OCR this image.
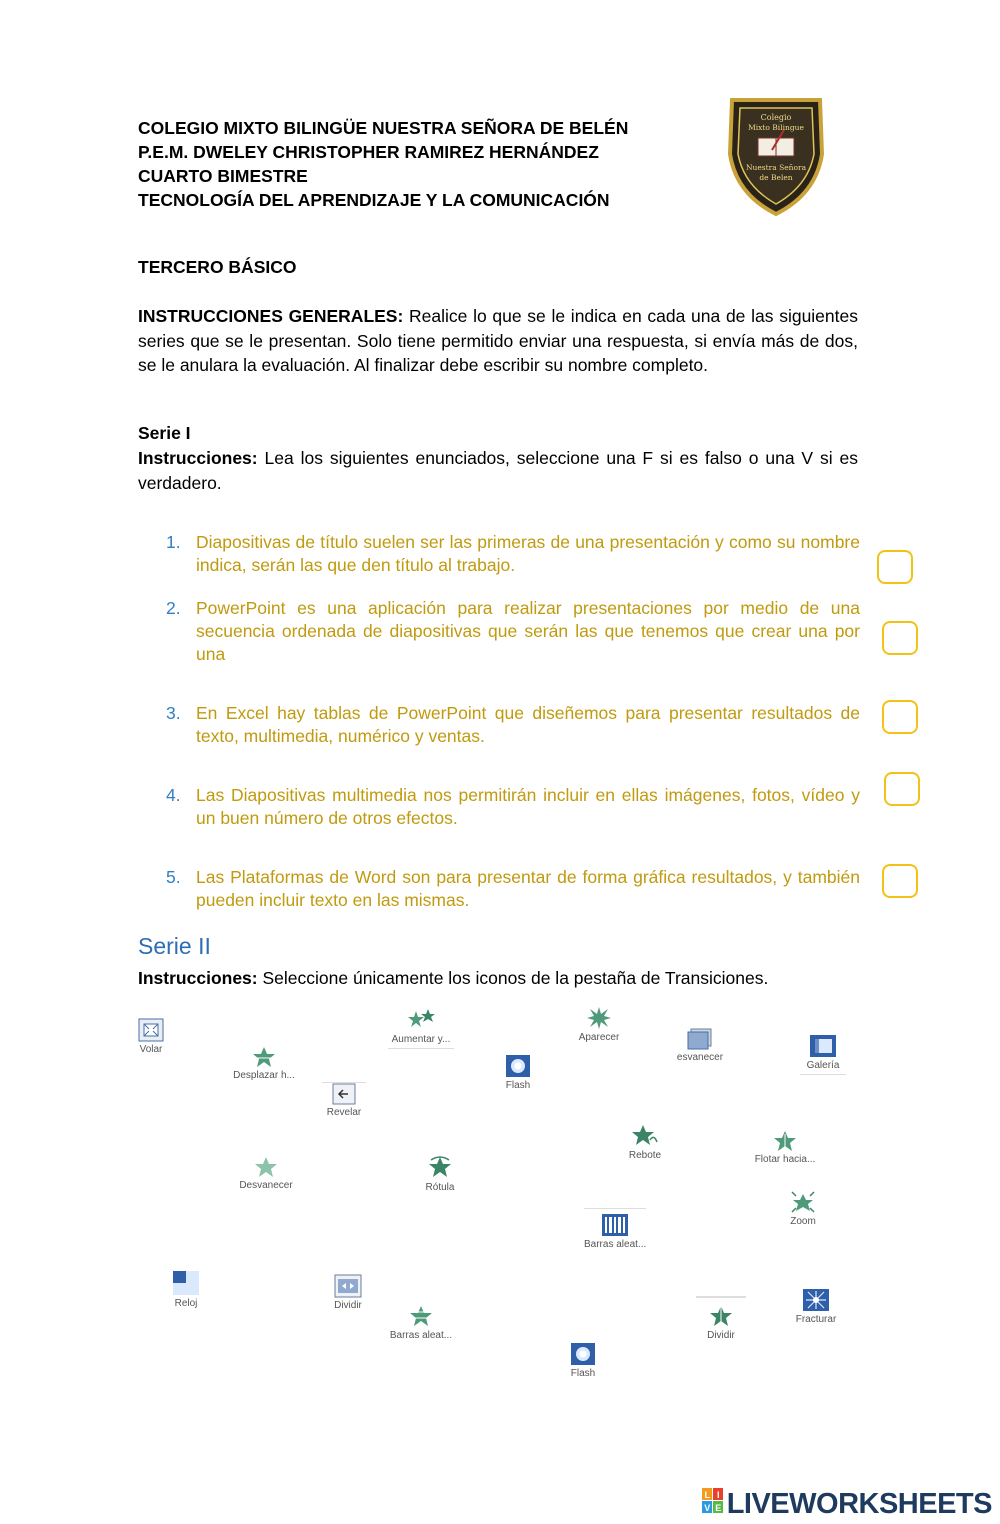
COLEGIO MIXTO BILINGÜE NUESTRA SEÑORA DE BELÉN
P.E.M. DWELEY CHRISTOPHER RAMIREZ HERNÁNDEZ
CUARTO BIMESTRE
TECNOLOGÍA DEL APRENDIZAJE Y LA COMUNICACIÓN
Colegio
Mixto Bilingue
Nuestra Señora
de Belen
TERCERO BÁSICO
INSTRUCCIONES GENERALES: Realice lo que se le indica en cada una de las siguientes series que se le presentan. Solo tiene permitido enviar una respuesta, si envía más de dos, se le anulara la evaluación. Al finalizar debe escribir su nombre completo.
Serie I
Instrucciones: Lea los siguientes enunciados, seleccione una F si es falso o una V si es verdadero.
1. Diapositivas de título suelen ser las primeras de una presentación y como su nombre indica, serán las que den título al trabajo.
2. PowerPoint es una aplicación para realizar presentaciones por medio de una secuencia ordenada de diapositivas que serán las que tenemos que crear una por una
3. En Excel hay tablas de PowerPoint que diseñemos para presentar resultados de texto, multimedia, numérico y ventas.
4. Las Diapositivas multimedia nos permitirán incluir en ellas imágenes, fotos, vídeo y un buen número de otros efectos.
5. Las Plataformas de Word son para presentar de forma gráfica resultados, y también pueden incluir texto en las mismas.
Serie II
Instrucciones: Seleccione únicamente los iconos de la pestaña de Transiciones.
Volar
Desplazar h...
Revelar
Aumentar y...
Flash
Aparecer
esvanecer
Galería
Desvanecer	Rótula
Rebote	Flotar hacia...
Zoom
Barras aleat...
Reloj	Dividir
Barras aleat...	Dividir
Fracturar
Flash
L I
V E LIVEWORKSHEETS
